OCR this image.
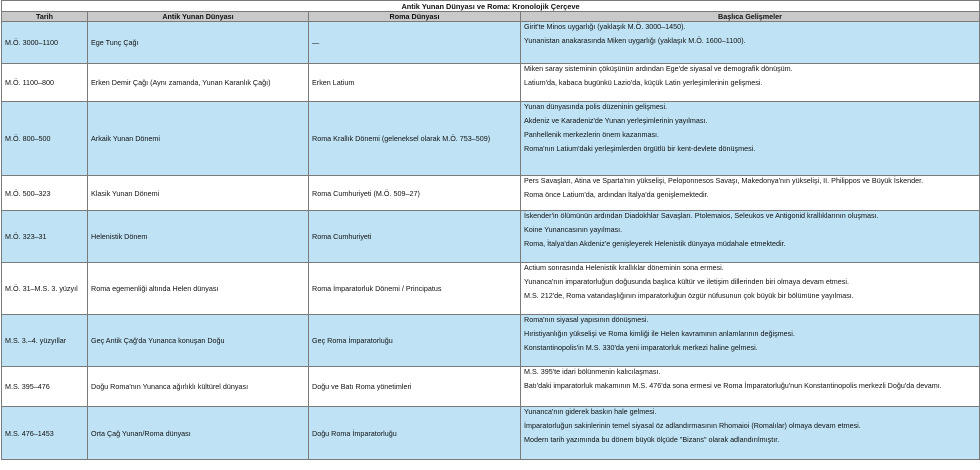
Antik Yunan Dünyası ve Roma: Kronolojik Çerçeve			
Tarih	Antik Yunan Dünyası	Roma Dünyası	Başlıca Gelişmeler
M.Ö. 3000–1100	Ege Tunç Çağı	—	Girit'te Minos uygarlığı (yaklaşık M.Ö. 3000–1450).

Yunanistan anakarasında Miken uygarlığı (yaklaşık M.Ö. 1600–1100).

M.Ö. 1100–800	Erken Demir Çağı (Aynı zamanda, Yunan Karanlık Çağı)	Erken Latium	Miken saray sisteminin çöküşünün ardından Ege'de siyasal ve demografik dönüşüm.

Latium'da, kabaca bugünkü Lazio'da, küçük Latin yerleşimlerinin gelişmesi.

M.Ö. 800–500	Arkaik Yunan Dönemi	Roma Krallık Dönemi (geleneksel olarak M.Ö. 753–509)	Yunan dünyasında polis düzeninin gelişmesi.

Akdeniz ve Karadeniz'de Yunan yerleşimlerinin yayılması.

Panhellenik merkezlerin önem kazanması.

Roma'nın Latium'daki yerleşimlerden örgütlü bir kent-devlete dönüşmesi.

M.Ö. 500–323	Klasik Yunan Dönemi	Roma Cumhuriyeti (M.Ö. 509–27)	Pers Savaşları, Atina ve Sparta'nın yükselişi, Peloponnesos Savaşı, Makedonya'nın yükselişi, II. Philippos ve Büyük İskender.

Roma önce Latium'da, ardından İtalya'da genişlemektedir.

M.Ö. 323–31	Helenistik Dönem	Roma Cumhuriyeti	İskender'in ölümünün ardından Diadokhlar Savaşları. Ptolemaios, Seleukos ve Antigonid krallıklarının oluşması.

Koine Yunancasının yayılması.

Roma, İtalya'dan Akdeniz'e genişleyerek Helenistik dünyaya müdahale etmektedir.

M.Ö. 31–M.S. 3. yüzyıl	Roma egemenliği altında Helen dünyası	Roma İmparatorluk Dönemi / Principatus	Actium sonrasında Helenistik krallıklar döneminin sona ermesi.

Yunanca'nın imparatorluğun doğusunda başlıca kültür ve iletişim dillerinden biri olmaya devam etmesi.

M.S. 212'de, Roma vatandaşlığının imparatorluğun özgür nüfusunun çok büyük bir bölümüne yayılması.

M.S. 3.–4. yüzyıllar	Geç Antik Çağ'da Yunanca konuşan Doğu	Geç Roma İmparatorluğu	Roma'nın siyasal yapısının dönüşmesi.

Hıristiyanlığın yükselişi ve Roma kimliği ile Helen kavramının anlamlarının değişmesi.

Konstantinopolis'in M.S. 330'da yeni imparatorluk merkezi haline gelmesi.

M.S. 395–476	Doğu Roma'nın Yunanca ağırlıklı kültürel dünyası	Doğu ve Batı Roma yönetimleri	M.S. 395'te idari bölünmenin kalıcılaşması.

Batı'daki imparatorluk makamının M.S. 476'da sona ermesi ve Roma İmparatorluğu'nun Konstantinopolis merkezli Doğu'da devamı.

M.S. 476–1453	Orta Çağ Yunan/Roma dünyası	Doğu Roma İmparatorluğu	Yunanca'nın giderek baskın hale gelmesi.

İmparatorluğun sakinlerinin temel siyasal öz adlandırmasının Rhomaioi (Romalılar) olmaya devam etmesi.

Modern tarih yazımında bu dönem büyük ölçüde "Bizans" olarak adlandırılmıştır.
